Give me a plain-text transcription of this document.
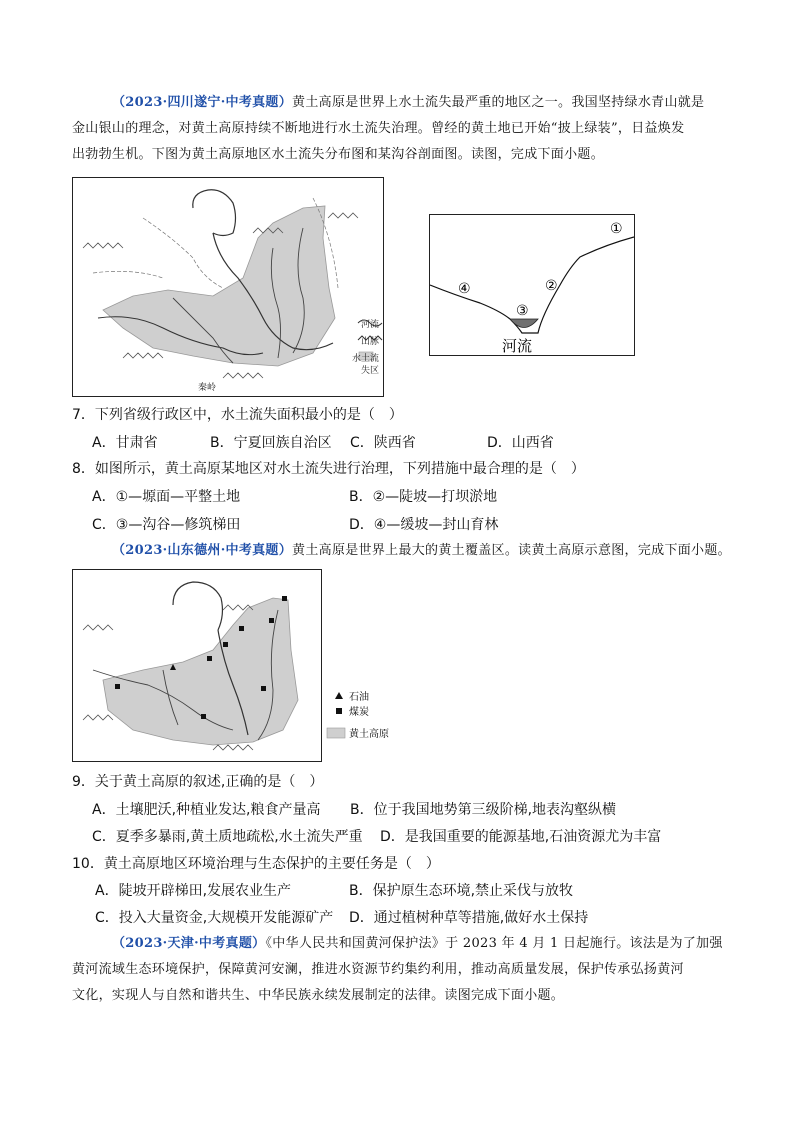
（2023·四川遂宁·中考真题）黄土高原是世界上水土流失最严重的地区之一。我国坚持绿水青山就是
金山银山的理念，对黄土高原持续不断地进行水土流失治理。曾经的黄土地已开始“披上绿装”，日益焕发
出勃勃生机。下图为黄土高原地区水土流失分布图和某沟谷剖面图。读图，完成下面小题。
河流
山脉
水土流
失区
秦岭
①
②
③
④
河流
7．下列省级行政区中，水土流失面积最小的是（　）
A．甘肃省	B．宁夏回族自治区 C．陕西省	D．山西省
8．如图所示，黄土高原某地区对水土流失进行治理，下列措施中最合理的是（　）
A．①—塬面—平整土地	B．②—陡坡—打坝淤地
C．③—沟谷—修筑梯田	D．④—缓坡—封山育林
（2023·山东德州·中考真题）黄土高原是世界上最大的黄土覆盖区。读黄土高原示意图，完成下面小题。
石油
煤炭
黄土高原
9．关于黄土高原的叙述,正确的是（　）
A．土壤肥沃,种植业发达,粮食产量高 B．位于我国地势第三级阶梯,地表沟壑纵横
C．夏季多暴雨,黄土质地疏松,水土流失严重 D．是我国重要的能源基地,石油资源尤为丰富
10．黄土高原地区环境治理与生态保护的主要任务是（　）
A．陡坡开辟梯田,发展农业生产	B．保护原生态环境,禁止采伐与放牧
C．投入大量资金,大规模开发能源矿产 D．通过植树种草等措施,做好水土保持
（2023·天津·中考真题）《中华人民共和国黄河保护法》于 2023 年 4 月 1 日起施行。该法是为了加强
黄河流域生态环境保护，保障黄河安澜，推进水资源节约集约利用，推动高质量发展，保护传承弘扬黄河
文化，实现人与自然和谐共生、中华民族永续发展制定的法律。读图完成下面小题。
